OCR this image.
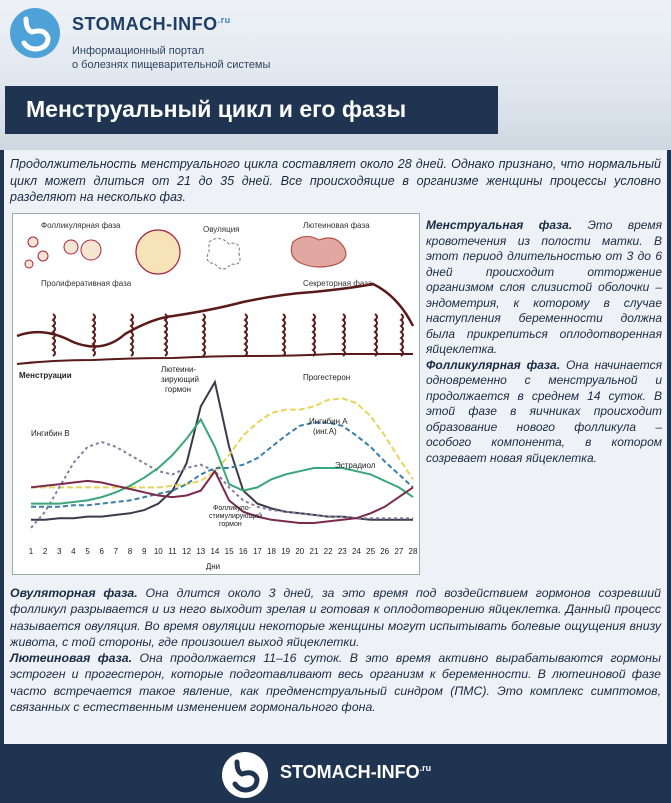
STOMACH-$INFO^{.ru}$
Информационный портал
о болезнях пищеварительной системы
Менструальный цикл и его фазы

Продолжительность менструального цикла составляет около 28 дней. Однако признано, что нормальный цикл может длиться от 21 до 35 дней. Все происходящие в организме женщины процессы условно разделяют на несколько фаз.

Фолликулярная фаза	Овуляция	Лютеиновая фаза
Пролиферативная фаза	Секреторная фаза
Менструации
Лютеини-
зирующий
гормон
Прогестерон
Ингибин В
Ингибин А
(инг.А)
Эстрадиол
Фолликуло-
стимулирующий
гормон
1 2 3 4 5 6 7 8 9 10 11 12 13 14 15 16 17 18 19 20 21 22 23 24 25 26 27 28
Дни

Менструальная фаза. Это время кровотечения из полости матки. В этот период длительностью от 3 до 6 дней происходит отторжение организмом слоя слизистой оболочки – эндометрия, к которому в случае наступления беременности должна была прикрепиться оплодотворенная яйцеклетка.
Фолликулярная фаза. Она начинается одновременно с менструальной и продолжается в среднем 14 суток. В этой фазе в яичниках происходит образование нового фолликула – особого компонента, в котором созревает новая яйцеклетка.

Овуляторная фаза. Она длится около 3 дней, за это время под воздействием гормонов созревший фолликул разрывается и из него выходит зрелая и готовая к оплодотворению яйцеклетка. Данный процесс называется овуляция. Во время овуляции некоторые женщины могут испытывать болевые ощущения внизу живота, с той стороны, где произошел выход яйцеклетки.
Лютеиновая фаза. Она продолжается 11–16 суток. В это время активно вырабатываются гормоны эстроген и прогестерон, которые подготавливают весь организм к беременности. В лютеиновой фазе часто встречается такое явление, как предменструальный синдром (ПМС). Это комплекс симптомов, связанных с естественным изменением гормонального фона.

STOMACH-$INFO^{.ru}$
